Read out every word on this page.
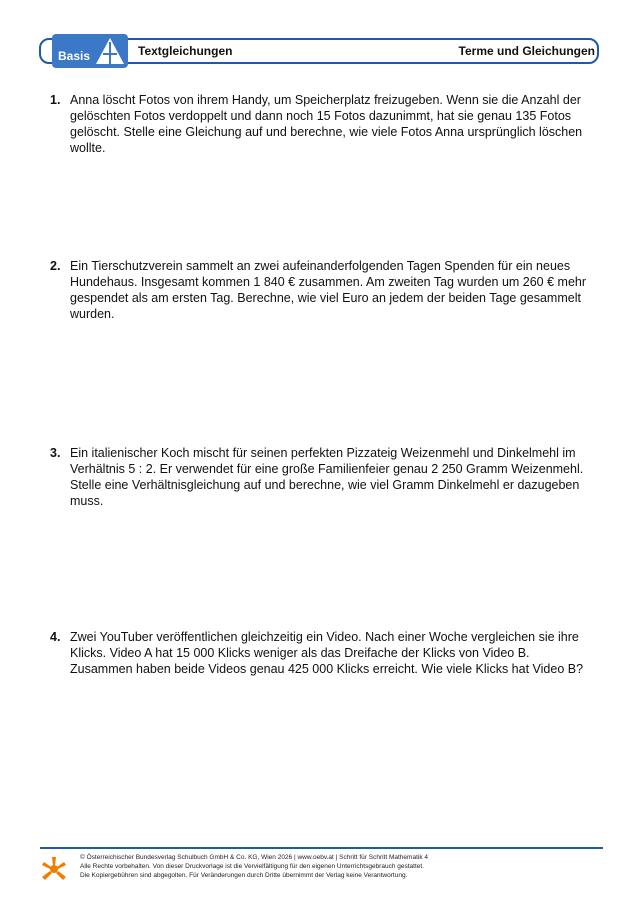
Basis	Textgleichungen	Terme und Gleichungen
1. Anna löscht Fotos von ihrem Handy, um Speicherplatz freizugeben. Wenn sie die Anzahl der gelöschten Fotos verdoppelt und dann noch 15 Fotos dazunimmt, hat sie genau 135 Fotos gelöscht. Stelle eine Gleichung auf und berechne, wie viele Fotos Anna ursprünglich löschen wollte.
2. Ein Tierschutzverein sammelt an zwei aufeinanderfolgenden Tagen Spenden für ein neues Hundehaus. Insgesamt kommen 1 840 € zusammen. Am zweiten Tag wurden um 260 € mehr gespendet als am ersten Tag. Berechne, wie viel Euro an jedem der beiden Tage gesammelt wurden.
3. Ein italienischer Koch mischt für seinen perfekten Pizzateig Weizenmehl und Dinkelmehl im Verhältnis 5 : 2. Er verwendet für eine große Familienfeier genau 2 250 Gramm Weizenmehl. Stelle eine Verhältnisgleichung auf und berechne, wie viel Gramm Dinkelmehl er dazugeben muss.
4. Zwei YouTuber veröffentlichen gleichzeitig ein Video. Nach einer Woche vergleichen sie ihre Klicks. Video A hat 15 000 Klicks weniger als das Dreifache der Klicks von Video B. Zusammen haben beide Videos genau 425 000 Klicks erreicht. Wie viele Klicks hat Video B?
© Österreichischer Bundesverlag Schulbuch GmbH & Co. KG, Wien 2026 | www.oebv.at | Schritt für Schritt Mathematik 4
Alle Rechte vorbehalten. Von dieser Druckvorlage ist die Vervielfältigung für den eigenen Unterrichtsgebrauch gestattet.
Die Kopiergebühren sind abgegolten. Für Veränderungen durch Dritte übernimmt der Verlag keine Verantwortung.
